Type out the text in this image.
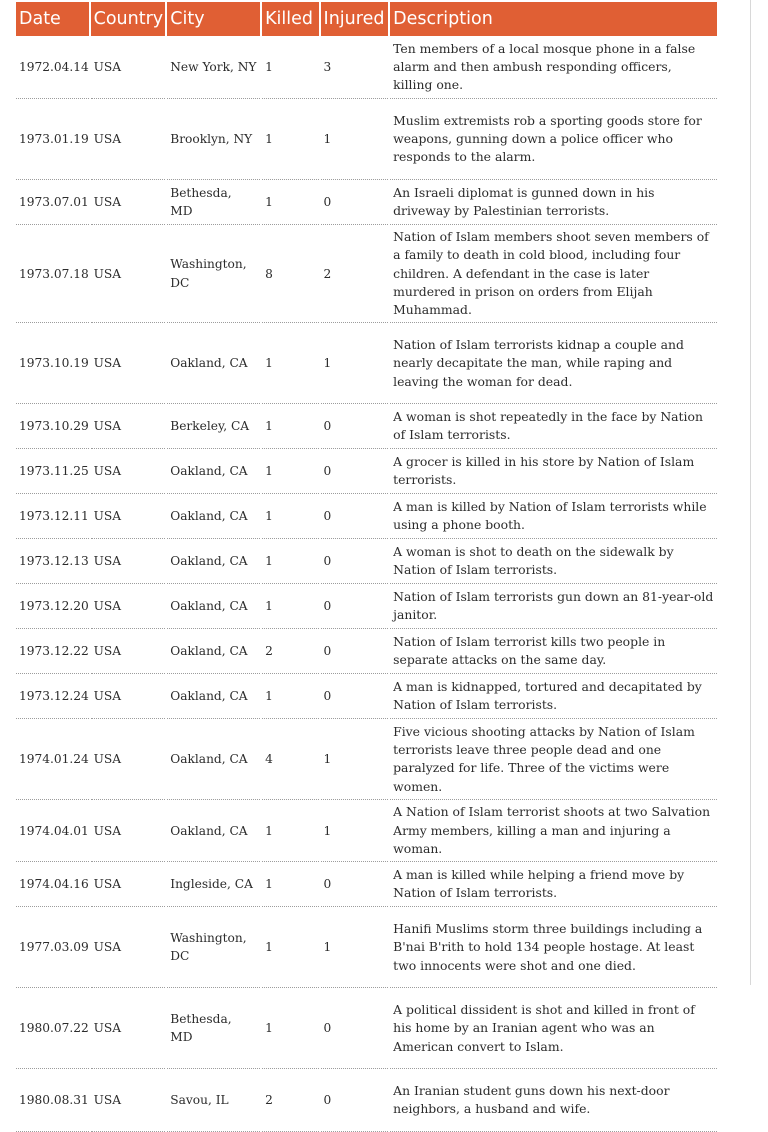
Date	Country	City	Killed	Injured	Description
1972.04.14	USA	New York, NY	1	3	Ten members of a local mosque phone in a false alarm and then ambush responding officers, killing one.
1973.01.19	USA	Brooklyn, NY	1	1	Muslim extremists rob a sporting goods store for weapons, gunning down a police officer who responds to the alarm.
1973.07.01	USA	Bethesda, MD	1	0	An Israeli diplomat is gunned down in his driveway by Palestinian terrorists.
1973.07.18	USA	Washington, DC	8	2	Nation of Islam members shoot seven members of a family to death in cold blood, including four children. A defendant in the case is later murdered in prison on orders from Elijah Muhammad.
1973.10.19	USA	Oakland, CA	1	1	Nation of Islam terrorists kidnap a couple and nearly decapitate the man, while raping and leaving the woman for dead.
1973.10.29	USA	Berkeley, CA	1	0	A woman is shot repeatedly in the face by Nation of Islam terrorists.
1973.11.25	USA	Oakland, CA	1	0	A grocer is killed in his store by Nation of Islam terrorists.
1973.12.11	USA	Oakland, CA	1	0	A man is killed by Nation of Islam terrorists while using a phone booth.
1973.12.13	USA	Oakland, CA	1	0	A woman is shot to death on the sidewalk by Nation of Islam terrorists.
1973.12.20	USA	Oakland, CA	1	0	Nation of Islam terrorists gun down an 81-year-old janitor.
1973.12.22	USA	Oakland, CA	2	0	Nation of Islam terrorist kills two people in separate attacks on the same day.
1973.12.24	USA	Oakland, CA	1	0	A man is kidnapped, tortured and decapitated by Nation of Islam terrorists.
1974.01.24	USA	Oakland, CA	4	1	Five vicious shooting attacks by Nation of Islam terrorists leave three people dead and one paralyzed for life. Three of the victims were women.
1974.04.01	USA	Oakland, CA	1	1	A Nation of Islam terrorist shoots at two Salvation Army members, killing a man and injuring a woman.
1974.04.16	USA	Ingleside, CA	1	0	A man is killed while helping a friend move by Nation of Islam terrorists.
1977.03.09	USA	Washington, DC	1	1	Hanifi Muslims storm three buildings including a B'nai B'rith to hold 134 people hostage. At least two innocents were shot and one died.
1980.07.22	USA	Bethesda, MD	1	0	A political dissident is shot and killed in front of his home by an Iranian agent who was an American convert to Islam.
1980.08.31	USA	Savou, IL	2	0	An Iranian student guns down his next-door neighbors, a husband and wife.
